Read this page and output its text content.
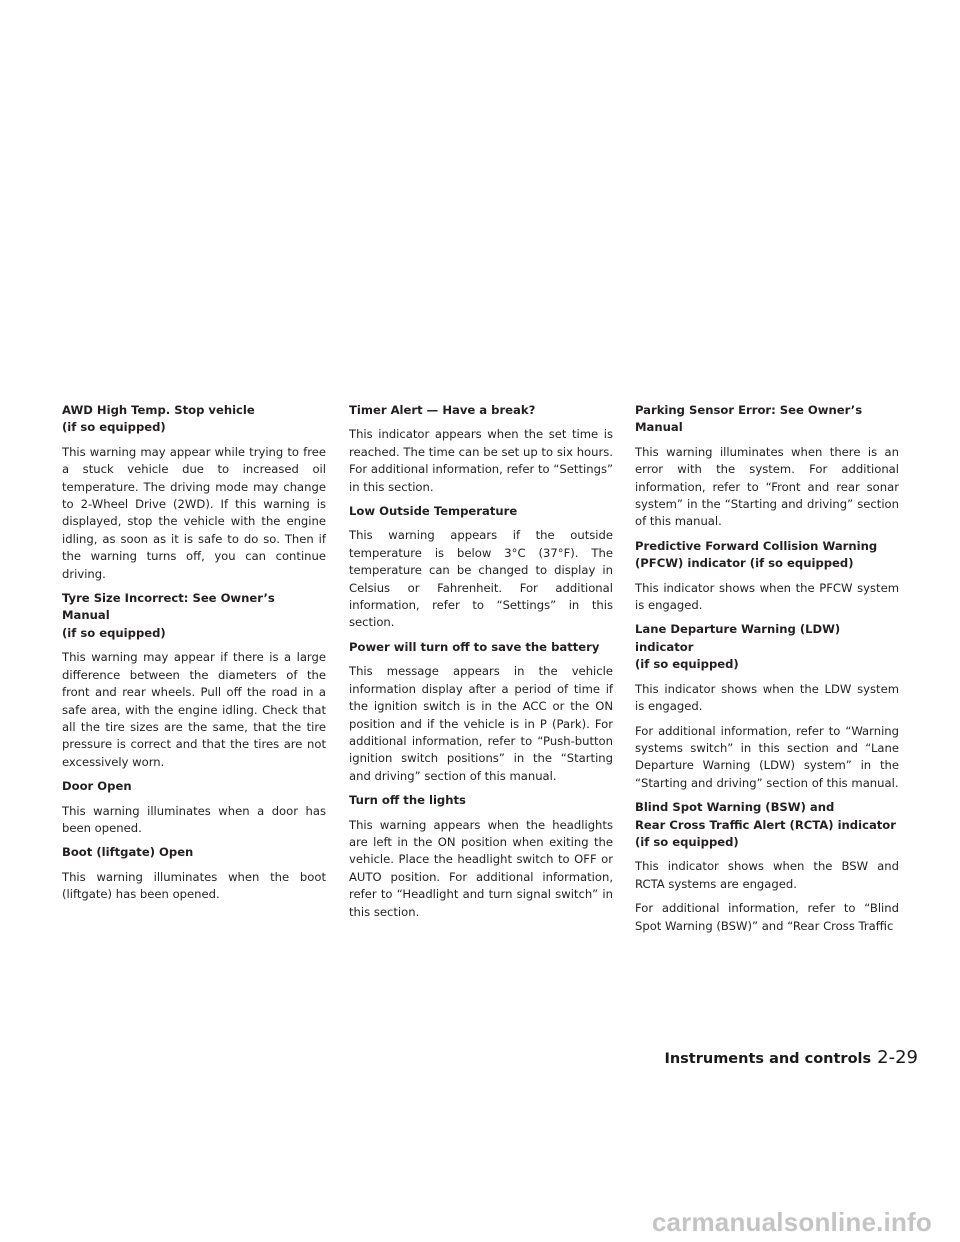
AWD High Temp. Stop vehicle
(if so equipped)

This warning may appear while trying to free a stuck vehicle due to increased oil temperature. The driving mode may change to 2-Wheel Drive (2WD). If this warning is displayed, stop the vehicle with the engine idling, as soon as it is safe to do so. Then if the warning turns off, you can continue driving.

Tyre Size Incorrect: See Owner’s Manual
(if so equipped)

This warning may appear if there is a large difference between the diameters of the front and rear wheels. Pull off the road in a safe area, with the engine idling. Check that all the tire sizes are the same, that the tire pressure is correct and that the tires are not excessively worn.

Door Open

This warning illuminates when a door has been opened.

Boot (liftgate) Open

This warning illuminates when the boot (liftgate) has been opened.

Timer Alert — Have a break?

This indicator appears when the set time is reached. The time can be set up to six hours. For additional information, refer to “Settings” in this section.

Low Outside Temperature

This warning appears if the outside temperature is below 3°C (37°F). The temperature can be changed to display in Celsius or Fahrenheit. For additional information, refer to “Settings” in this section.

Power will turn off to save the battery

This message appears in the vehicle information display after a period of time if the ignition switch is in the ACC or the ON position and if the vehicle is in P (Park). For additional information, refer to “Push-button ignition switch positions” in the “Starting and driving” section of this manual.

Turn off the lights

This warning appears when the headlights are left in the ON position when exiting the vehicle. Place the headlight switch to OFF or AUTO position. For additional information, refer to “Headlight and turn signal switch” in this section.

Parking Sensor Error: See Owner’s Manual

This warning illuminates when there is an error with the system. For additional information, refer to “Front and rear sonar system” in the “Starting and driving” section of this manual.

Predictive Forward Collision Warning
(PFCW) indicator (if so equipped)

This indicator shows when the PFCW system is engaged.

Lane Departure Warning (LDW) indicator
(if so equipped)

This indicator shows when the LDW system is engaged.

For additional information, refer to “Warning systems switch” in this section and “Lane Departure Warning (LDW) system” in the “Starting and driving” section of this manual.

Blind Spot Warning (BSW) and
Rear Cross Traffic Alert (RCTA) indicator
(if so equipped)

This indicator shows when the BSW and RCTA systems are engaged.

For additional information, refer to “Blind Spot Warning (BSW)” and “Rear Cross Traffic

Instruments and controls 2-29
carmanualsonline.info
